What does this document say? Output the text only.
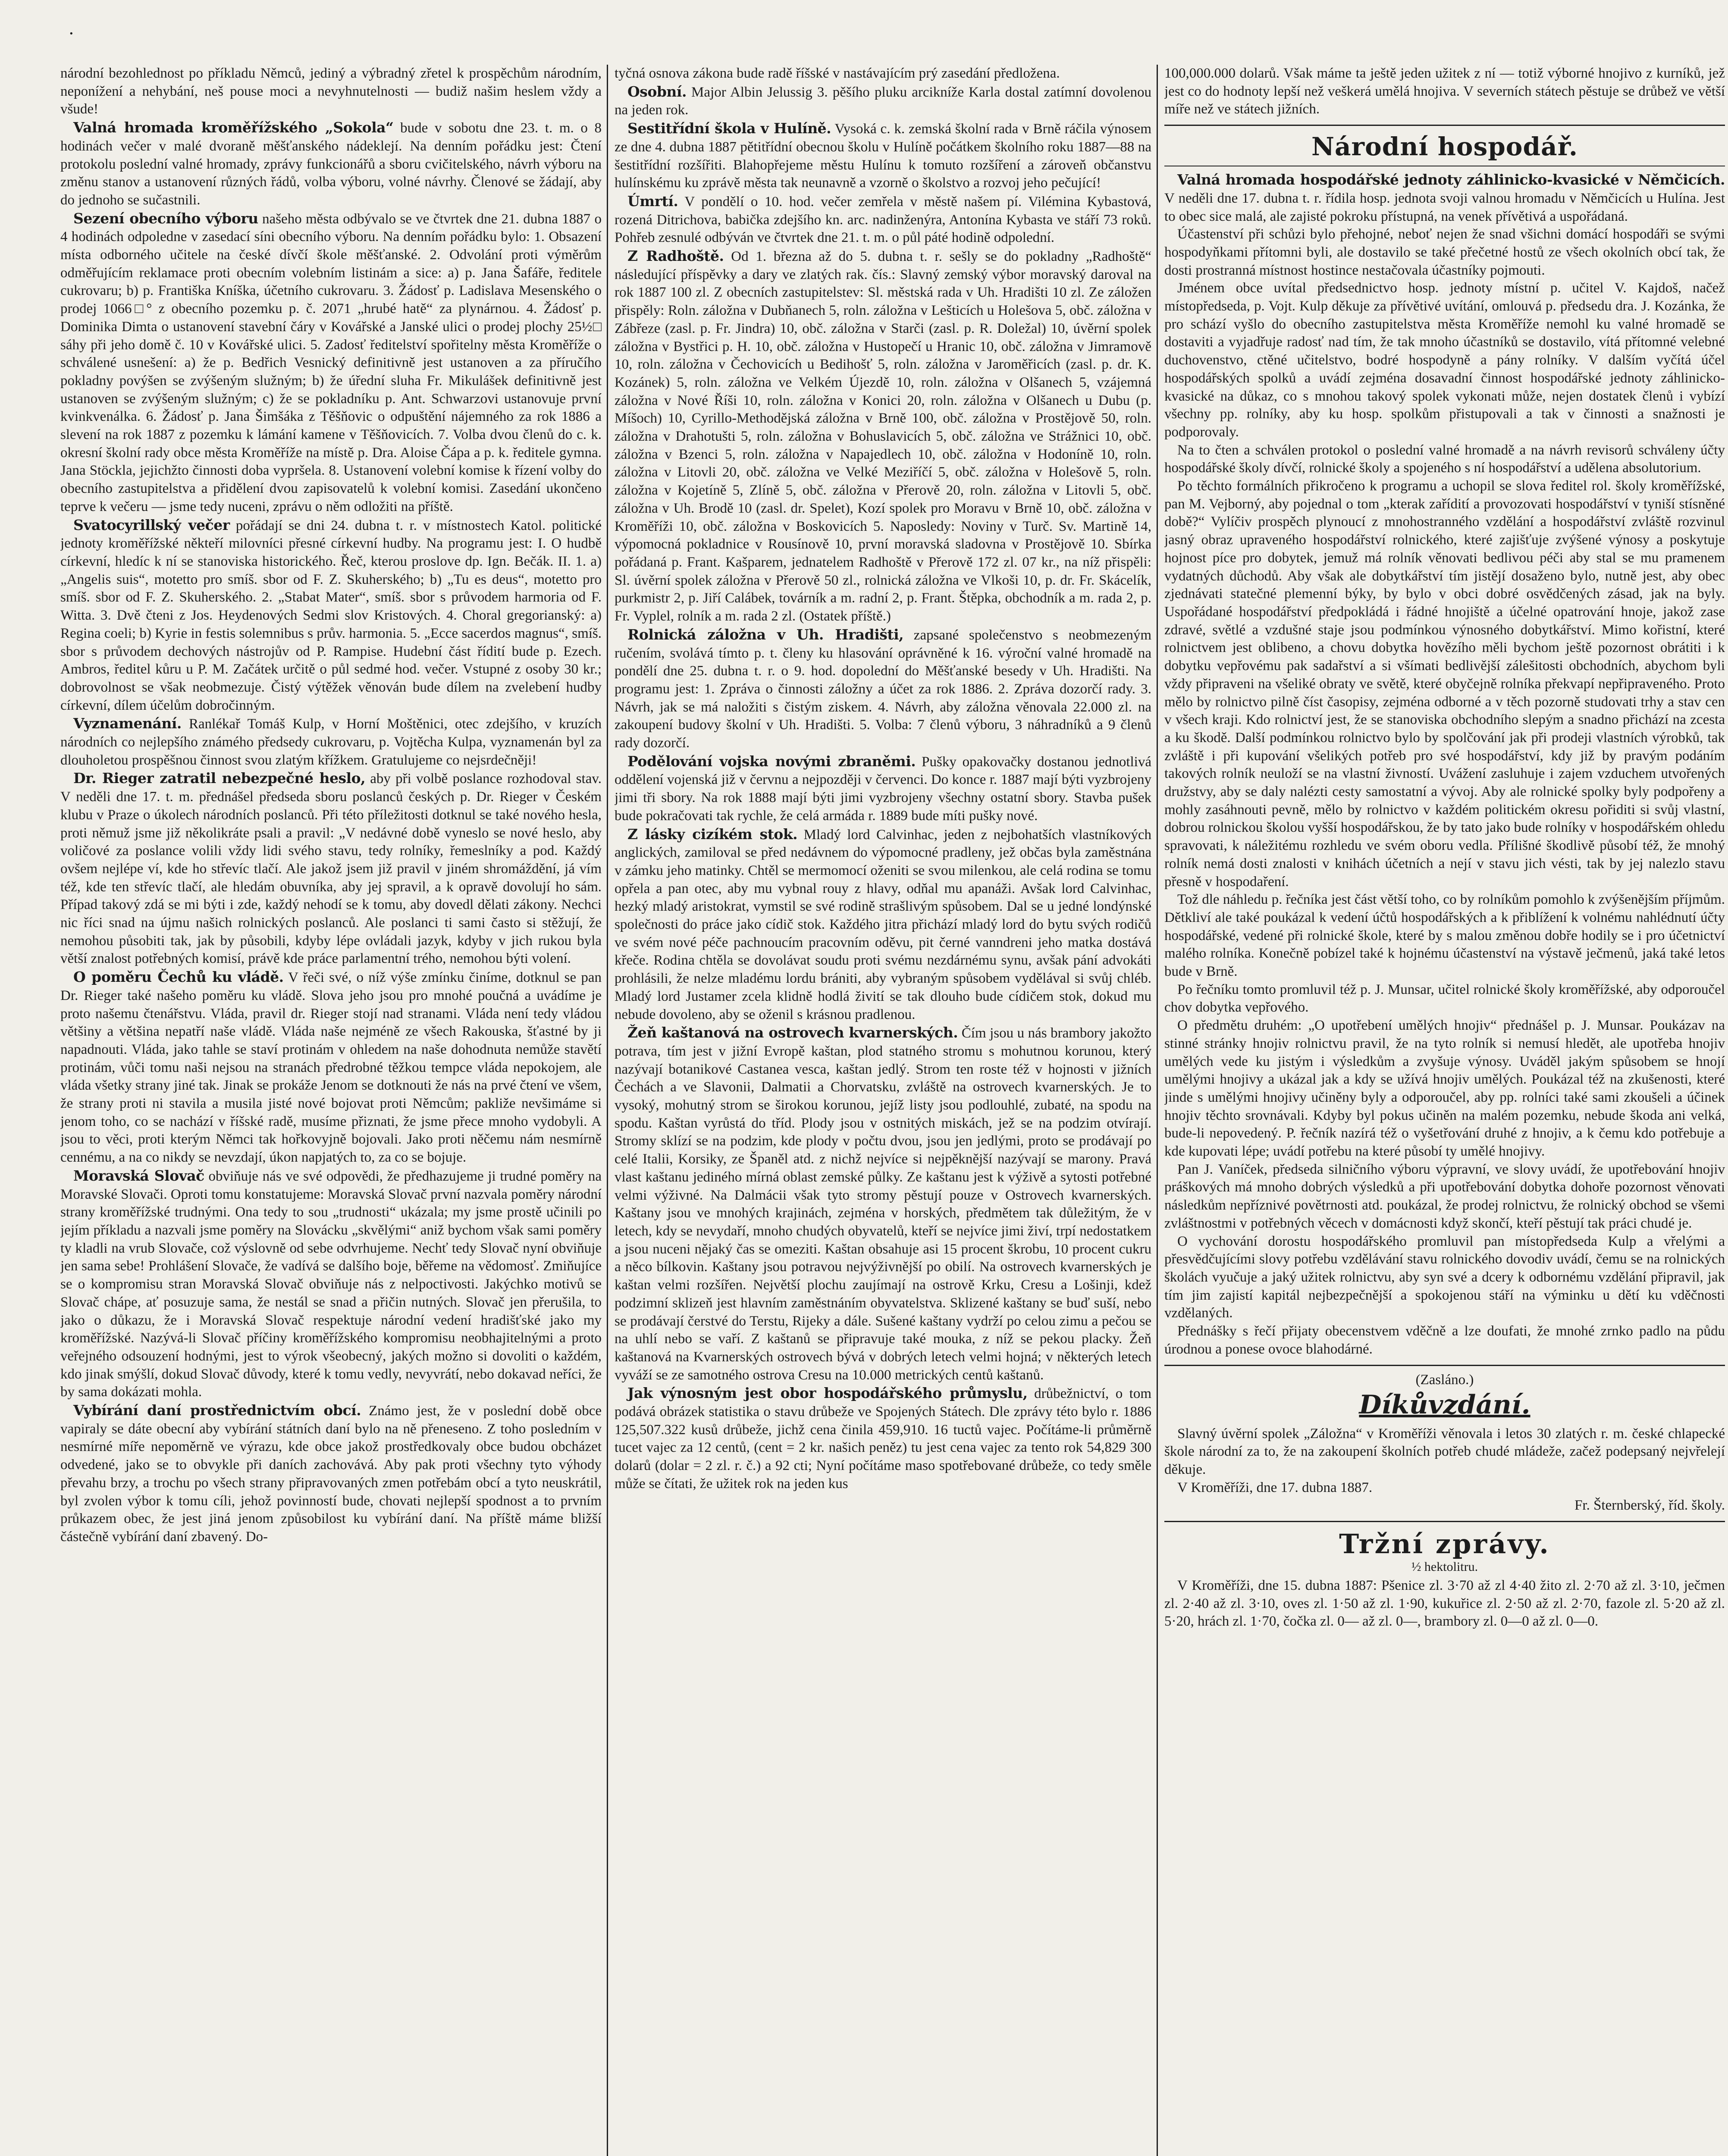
·

národní bezohlednost po příkladu Němců, jediný a výbradný zřetel k prospěchům národním, neponížení a nehybání, neš pouse moci a nevyhnutelnosti — budiž našim heslem vždy a všude!

Valná hromada kroměřížského „Sokola“ bude v sobotu dne 23. t. m. o 8 hodinách večer v malé dvoraně měšťanského nádeklejí. Na denním pořádku jest: Čtení protokolu poslední valné hromady, zprávy funkcionářů a sboru cvičitelského, návrh výboru na změnu stanov a ustanovení různých řádů, volba výboru, volné návrhy. Členové se žádají, aby do jednoho se sučastnili.

Sezení obecního výboru našeho města odbývalo se ve čtvrtek dne 21. dubna 1887 o 4 hodinách odpoledne v zasedací síni obecního výboru. Na denním pořádku bylo: 1. Obsazení místa odborného učitele na české dívčí škole měšťanské. 2. Odvolání proti výměrům odměřujícím reklamace proti obecním volebním listinám a sice: a) p. Jana Šafáře, ředitele cukrovaru; b) p. Františka Kníška, účetního cukrovaru. 3. Žádosť p. Ladislava Mesenského o prodej 1066□° z obecního pozemku p. č. 2071 „hrubé hatě“ za plynárnou. 4. Žádosť p. Dominika Dimta o ustanovení stavební čáry v Kovářské a Janské ulici o prodej plochy 25½□ sáhy při jeho domě č. 10 v Kovářské ulici. 5. Zadosť ředitelství spořitelny města Kroměříže o schválené usnešení: a) že p. Bedřich Vesnický definitivně jest ustanoven a za příručího pokladny povýšen se zvýšeným služným; b) že úřední sluha Fr. Mikulášek definitivně jest ustanoven se zvýšeným služným; c) že se pokladníku p. Ant. Schwarzovi ustanovuje první kvinkvenálka. 6. Žádosť p. Jana Šimšáka z Těšňovic o odpuštění nájemného za rok 1886 a slevení na rok 1887 z pozemku k lámání kamene v Těšňovicích. 7. Volba dvou členů do c. k. okresní školní rady obce města Kroměříže na místě p. Dra. Aloise Čápa a p. k. ředitele gymna. Jana Stöckla, jejichžto činnosti doba vypršela. 8. Ustanovení volební komise k řízení volby do obecního zastupitelstva a přidělení dvou zapisovatelů k volební komisi. Zasedání ukončeno teprve k večeru — jsme tedy nuceni, zprávu o něm odložiti na příště.

Svatocyrillský večer pořádají se dni 24. dubna t. r. v místnostech Katol. politické jednoty kroměřížské někteří milovníci přesné církevní hudby. Na programu jest: I. O hudbě církevní, hledíc k ní se stanoviska historického. Řeč, kterou proslove dp. Ign. Bečák. II. 1. a) „Angelis suis“, motetto pro smíš. sbor od F. Z. Skuherského; b) „Tu es deus“, motetto pro smíš. sbor od F. Z. Skuherského. 2. „Stabat Mater“, smíš. sbor s průvodem harmoria od F. Witta. 3. Dvě čteni z Jos. Heydenových Sedmi slov Kristových. 4. Choral gregorianský: a) Regina coeli; b) Kyrie in festis solemnibus s prův. harmonia. 5. „Ecce sacerdos magnus“, smíš. sbor s průvodem dechových nástrojův od P. Rampise. Hudební část řídití bude p. Ezech. Ambros, ředitel kůru u P. M. Začátek určitě o půl sedmé hod. večer. Vstupné z osoby 30 kr.; dobrovolnost se však neobmezuje. Čistý výtěžek věnován bude dílem na zvelebení hudby církevní, dílem účelům dobročinným.

Vyznamenání. Ranlékař Tomáš Kulp, v Horní Moštěnici, otec zdejšího, v kruzích národních co nejlepšího známého předsedy cukrovaru, p. Vojtěcha Kulpa, vyznamenán byl za dlouholetou prospěšnou činnost svou zlatým křížkem. Gratulujeme co nejsrdečněji!

Dr. Rieger zatratil nebezpečné heslo, aby při volbě poslance rozhodoval stav. V neděli dne 17. t. m. přednášel předseda sboru poslanců českých p. Dr. Rieger v Českém klubu v Praze o úkolech národních poslanců. Při této příležitosti dotknul se také nového hesla, proti němuž jsme již několikráte psali a pravil: „V nedávné době vyneslo se nové heslo, aby voličové za poslance volili vždy lidi svého stavu, tedy rolníky, řemeslníky a pod. Každý ovšem nejlépe ví, kde ho střevíc tlačí. Ale jakož jsem již pravil v jiném shromáždění, já vím též, kde ten střevíc tlačí, ale hledám obuvníka, aby jej spravil, a k opravě dovolují ho sám. Případ takový zdá se mi býti i zde, každý nehodí se k tomu, aby dovedl dělati zákony. Nechci nic říci snad na újmu našich rolnických poslanců. Ale poslanci ti sami často si stěžují, že nemohou působiti tak, jak by působili, kdyby lépe ovládali jazyk, kdyby v jich rukou byla větší znalost potřebných komisí, právě kde práce parlamentní trého, nemohou býti volení.

O poměru Čechů ku vládě. V řeči své, o níž výše zmínku činíme, dotknul se pan Dr. Rieger také našeho poměru ku vládě. Slova jeho jsou pro mnohé poučná a uvádíme je proto našemu čtenářstvu. Vláda, pravil dr. Rieger stojí nad stranami. Vláda není tedy vládou většiny a většina nepatří naše vládě. Vláda naše nejméně ze všech Rakouska, šťastné by ji napadnouti. Vláda, jako tahle se staví protinám v ohledem na naše dohodnuta nemůže stavětí protinám, vůči tomu naši nejsou na stranách předrobné těžkou tempce vláda nepokojem, ale vláda všetky strany jiné tak. Jinak se prokáže Jenom se dotknouti že nás na prvé čtení ve všem, že strany proti ni stavila a musila jisté nové bojovat proti Němcům; pakliže nevšimáme si jenom toho, co se nachází v říšské radě, musíme přiznati, že jsme přece mnoho vydobyli. A jsou to věci, proti kterým Němci tak hořkovyjně bojovali. Jako proti něčemu nám nesmírně cennému, a na co nikdy se nevzdají, úkon napjatých to, za co se bojuje.

Moravská Slovač obviňuje nás ve své odpovědi, že předhazujeme ji trudné poměry na Moravské Slovači. Oproti tomu konstatujeme: Moravská Slovač první nazvala poměry národní strany kroměřížské trudnými. Ona tedy to sou „trudnosti“ ukázala; my jsme prostě učinili po jejím příkladu a nazvali jsme poměry na Slovácku „skvělými“ aniž bychom však sami poměry ty kladli na vrub Slovače, což výslovně od sebe odvrhujeme. Nechť tedy Slovač nyní obviňuje jen sama sebe! Prohlášení Slovače, že vadívá se dalšího boje, běřeme na vědomosť. Zmiňujíce se o kompromisu stran Moravská Slovač obviňuje nás z nelpoctivosti. Jakýchko motivů se Slovač chápe, ať posuzuje sama, že nestál se snad a přičin nutných. Slovač jen přerušila, to jako o důkazu, že i Moravská Slovač respektuje národní vedení hradišťské jako my kroměřížské. Nazývá-li Slovač příčiny kroměřížského kompromisu neobhajitelnými a proto veřejného odsouzení hodnými, jest to výrok všeobecný, jakých možno si dovoliti o každém, kdo jinak smýšlí, dokud Slovač důvody, které k tomu vedly, nevyvrátí, nebo dokavad neříci, že by sama dokázati mohla.

Vybírání daní prostřednictvím obcí. Známo jest, že v poslední době obce vapiraly se dáte obecní aby vybírání státních daní bylo na ně přeneseno. Z toho posledním v nesmírné míře nepoměrně ve výrazu, kde obce jakož prostředkovaly obce budou obcházet odvedené, jako se to obvykle při daních zachovává. Aby pak proti všechny tyto výhody převahu brzy, a trochu po všech strany připravovaných zmen potřebám obcí a tyto neuskrátil, byl zvolen výbor k tomu cíli, jehož povinností bude, chovati nejlepší spodnost a to prvním průkazem obec, že jest jiná jenom způsobilost ku vybírání daní. Na příště máme bližší částečně vybírání daní zbavený. Do-

tyčná osnova zákona bude radě říšské v nastávajícím prý zasedání předložena.

Osobní. Major Albin Jelussig 3. pěšího pluku arcikníže Karla dostal zatímní dovolenou na jeden rok.

Sestitřídní škola v Hulíně. Vysoká c. k. zemská školní rada v Brně ráčila výnosem ze dne 4. dubna 1887 pětitřídní obecnou školu v Hulíně počátkem školního roku 1887—88 na šestitřídní rozšířiti. Blahopřejeme městu Hulínu k tomuto rozšíření a zároveň občanstvu hulínskému ku zprávě města tak neunavně a vzorně o školstvo a rozvoj jeho pečující!

Úmrtí. V pondělí o 10. hod. večer zemřela v městě našem pí. Vilémina Kybastová, rozená Ditrichova, babička zdejšího kn. arc. nadinženýra, Antonína Kybasta ve stáří 73 roků. Pohřeb zesnulé odbýván ve čtvrtek dne 21. t. m. o půl páté hodině odpolední.

Z Radhoště. Od 1. března až do 5. dubna t. r. sešly se do pokladny „Radhoště“ následující příspěvky a dary ve zlatých rak. čís.: Slavný zemský výbor moravský daroval na rok 1887 100 zl. Z obecních zastupitelstev: Sl. městská rada v Uh. Hradišti 10 zl. Ze záložen přispěly: Roln. záložna v Dubňanech 5, roln. záložna v Lešticích u Holešova 5, obč. záložna v Zábřeze (zasl. p. Fr. Jindra) 10, obč. záložna v Starči (zasl. p. R. Doležal) 10, úvěrní spolek záložna v Bystřici p. H. 10, obč. záložna v Hustopečí u Hranic 10, obč. záložna v Jimramově 10, roln. záložna v Čechovicích u Bedihošť 5, roln. záložna v Jaroměřicích (zasl. p. dr. K. Kozánek) 5, roln. záložna ve Velkém Újezdě 10, roln. záložna v Olšanech 5, vzájemná záložna v Nové Říši 10, roln. záložna v Konici 20, roln. záložna v Olšanech u Dubu (p. Míšoch) 10, Cyrillo-Methodějská záložna v Brně 100, obč. záložna v Prostějově 50, roln. záložna v Drahotušti 5, roln. záložna v Bohuslavicích 5, obč. záložna ve Strážnici 10, obč. záložna v Bzenci 5, roln. záložna v Napajedlech 10, obč. záložna v Hodoníně 10, roln. záložna v Litovli 20, obč. záložna ve Velké Meziříčí 5, obč. záložna v Holešově 5, roln. záložna v Kojetíně 5, Zlíně 5, obč. záložna v Přerově 20, roln. záložna v Litovli 5, obč. záložna v Uh. Brodě 10 (zasl. dr. Spelet), Kozí spolek pro Moravu v Brně 10, obč. záložna v Kroměříži 10, obč. záložna v Boskovicích 5. Naposledy: Noviny v Turč. Sv. Martině 14, výpomocná pokladnice v Rousínově 10, první moravská sladovna v Prostějově 10. Sbírka pořádaná p. Frant. Kašparem, jednatelem Radhoště v Přerově 172 zl. 07 kr., na níž přispěli: Sl. úvěrní spolek záložna v Přerově 50 zl., rolnická záložna ve Vlkoši 10, p. dr. Fr. Skácelík, purkmistr 2, p. Jiří Calábek, továrník a m. radní 2, p. Frant. Štěpka, obchodník a m. rada 2, p. Fr. Vyplel, rolník a m. rada 2 zl. (Ostatek příště.)

Rolnická záložna v Uh. Hradišti, zapsané společenstvo s neobmezeným ručením, svolává tímto p. t. členy ku hlasování oprávněné k 16. výroční valné hromadě na pondělí dne 25. dubna t. r. o 9. hod. dopolední do Měšťanské besedy v Uh. Hradišti. Na programu jest: 1. Zpráva o činnosti záložny a účet za rok 1886. 2. Zpráva dozorčí rady. 3. Návrh, jak se má naložiti s čistým ziskem. 4. Návrh, aby záložna věnovala 22.000 zl. na zakoupení budovy školní v Uh. Hradišti. 5. Volba: 7 členů výboru, 3 náhradníků a 9 členů rady dozorčí.

Podělování vojska novými zbraněmi. Pušky opakovačky dostanou jednotlivá oddělení vojenská již v červnu a nejpozději v červenci. Do konce r. 1887 mají býti vyzbrojeny jimi tři sbory. Na rok 1888 mají býti jimi vyzbrojeny všechny ostatní sbory. Stavba pušek bude pokračovati tak rychle, že celá armáda r. 1889 bude míti pušky nové.

Z lásky cizíkém stok. Mladý lord Calvinhac, jeden z nejbohatších vlastníkových anglických, zamiloval se před nedávnem do výpomocné pradleny, jež občas byla zaměstnána v zámku jeho matinky. Chtěl se mermomocí oženiti se svou milenkou, ale celá rodina se tomu opřela a pan otec, aby mu vybnal rouy z hlavy, odňal mu apanáži. Avšak lord Calvinhac, hezký mladý aristokrat, vymstil se své rodině strašlivým spůsobem. Dal se u jedné londýnské společnosti do práce jako cídič stok. Každého jitra přichází mladý lord do bytu svých rodičů ve svém nové péče pachnoucím pracovním oděvu, pit černé vanndreni jeho matka dostává křeče. Rodina chtěla se dovolávat soudu proti svému nezdárnému synu, avšak pání advokáti prohlásili, že nelze mladému lordu brániti, aby vybraným spůsobem vydělával si svůj chléb. Mladý lord Justamer zcela klidně hodlá živití se tak dlouho bude cídičem stok, dokud mu nebude dovoleno, aby se oženil s krásnou pradlenou.

Žeň kaštanová na ostrovech kvarnerských. Čím jsou u nás brambory jakožto potrava, tím jest v jižní Evropě kaštan, plod statného stromu s mohutnou korunou, který nazývají botanikové Castanea vesca, kaštan jedlý. Strom ten roste též v hojnosti v jižních Čechách a ve Slavonii, Dalmatii a Chorvatsku, zvláště na ostrovech kvarnerských. Je to vysoký, mohutný strom se širokou korunou, jejíž listy jsou podlouhlé, zubaté, na spodu na spodu. Kaštan vyrůstá do tříd. Plody jsou v ostnitých miskách, jež se na podzim otvírají. Stromy sklízí se na podzim, kde plody v počtu dvou, jsou jen jedlými, proto se prodávají po celé Italii, Korsiky, ze Španěl atd. z nichž nejvíce si nejpěknější nazývají se marony. Pravá vlast kaštanu jediného mírná oblast zemské půlky. Ze kaštanu jest k výživě a sytosti potřebné velmi výživné. Na Dalmácii však tyto stromy pěstují pouze v Ostrovech kvarnerských. Kaštany jsou ve mnohých krajinách, zejména v horských, předmětem tak důležitým, že v letech, kdy se nevydaří, mnoho chudých obyvatelů, kteří se nejvíce jimi živí, trpí nedostatkem a jsou nuceni nějaký čas se omeziti. Kaštan obsahuje asi 15 procent škrobu, 10 procent cukru a něco bílkovin. Kaštany jsou potravou nejvýživnější po obilí. Na ostrovech kvarnerských je kaštan velmi rozšířen. Největší plochu zaujímají na ostrově Krku, Cresu a Lošinji, kdež podzimní sklizeň jest hlavním zaměstnáním obyvatelstva. Sklizené kaštany se buď suší, nebo se prodávají čerstvé do Terstu, Rijeky a dále. Sušené kaštany vydrží po celou zimu a pečou se na uhlí nebo se vaří. Z kaštanů se připravuje také mouka, z níž se pekou placky. Žeň kaštanová na Kvarnerských ostrovech bývá v dobrých letech velmi hojná; v některých letech vyváží se ze samotného ostrova Cresu na 10.000 metrických centů kaštanů.

Jak výnosným jest obor hospodářského průmyslu, drůbežnictví, o tom podává obrázek statistika o stavu drůbeže ve Spojených Státech. Dle zprávy této bylo r. 1886 125,507.322 kusů drůbeže, jichž cena činila 459,910. 16 tuctů vajec. Počítáme-li průměrně tucet vajec za 12 centů, (cent = 2 kr. našich peněz) tu jest cena vajec za tento rok 54,829 300 dolarů (dolar = 2 zl. r. č.) a 92 cti; Nyní počítáme maso spotřebované drůbeže, co tedy směle může se čítati, že užitek rok na jeden kus

100,000.000 dolarů. Však máme ta ještě jeden užitek z ní — totiž výborné hnojivo z kurníků, jež jest co do hodnoty lepší než veškerá umělá hnojiva. V severních státech pěstuje se drůbež ve větší míře než ve státech jižních.

Národní hospodář.

Valná hromada hospodářské jednoty záhlinicko-kvasické v Němčicích. V neděli dne 17. dubna t. r. řídila hosp. jednota svoji valnou hromadu v Němčicích u Hulína. Jest to obec sice malá, ale zajisté pokroku přístupná, na venek přívětivá a uspořádaná.

Účastenství při schůzi bylo přehojné, neboť nejen že snad všichni domácí hospodáři se svými hospodyňkami přítomni byli, ale dostavilo se také přečetné hostů ze všech okolních obcí tak, že dosti prostranná místnost hostince nestačovala účastníky pojmouti.

Jménem obce uvítal předsednictvo hosp. jednoty místní p. učitel V. Kajdoš, načež místopředseda, p. Vojt. Kulp děkuje za přívětivé uvítání, omlouvá p. předsedu dra. J. Kozánka, že pro schází vyšlo do obecního zastupitelstva města Kroměříže nemohl ku valné hromadě se dostaviti a vyjadřuje radosť nad tím, že tak mnoho účastníků se dostavilo, vítá přítomné velebné duchovenstvo, ctěné učitelstvo, bodré hospodyně a pány rolníky. V dalším vyčítá účel hospodářských spolků a uvádí zejména dosavadní činnost hospodářské jednoty záhlinicko-kvasické na důkaz, co s mnohou takový spolek vykonati může, nejen dostatek členů i vybízí všechny pp. rolníky, aby ku hosp. spolkům přistupovali a tak v činnosti a snažnosti je podporovaly.

Na to čten a schválen protokol o poslední valné hromadě a na návrh revisorů schváleny účty hospodářské školy dívčí, rolnické školy a spojeného s ní hospodářství a udělena absolutorium.

Po těchto formálních přikročeno k programu a uchopil se slova ředitel rol. školy kroměřížské, pan M. Vejborný, aby pojednal o tom „kterak zařídití a provozovati hospodářství v tyniší stísněné době?“ Vylíčiv prospěch plynoucí z mnohostranného vzdělání a hospodářství zvláště rozvinul jasný obraz upraveného hospodářství rolnického, které zajišťuje zvýšené výnosy a poskytuje hojnost píce pro dobytek, jemuž má rolník věnovati bedlivou péči aby stal se mu pramenem vydatných důchodů. Aby však ale dobytkářství tím jistějí dosaženo bylo, nutně jest, aby obec zjednávati statečné plemenní býky, by bylo v obci dobré osvědčených zásad, jak na byly. Uspořádané hospodářství předpokládá i řádné hnojiště a účelné opatrování hnoje, jakož zase zdravé, světlé a vzdušné staje jsou podmínkou výnosného dobytkářství. Mimo kořistní, které rolnictvem jest oblibeno, a chovu dobytka hovězího měli bychom ještě pozornost obrátiti i k dobytku vepřovému pak sadařství a si všímati bedlivější zálešitosti obchodních, abychom byli vždy připraveni na všeliké obraty ve světě, které obyčejně rolníka překvapí nepřipraveného. Proto mělo by rolnictvo pilně číst časopisy, zejména odborné a v těch pozorně studovati trhy a stav cen v všech kraji. Kdo rolnictví jest, že se stanoviska obchodního slepým a snadno přichází na zcesta a ku škodě. Další podmínkou rolnictvo bylo by spolčování jak při prodeji vlastních výrobků, tak zvláště i při kupování všelikých potřeb pro své hospodářství, kdy již by pravým podáním takových rolník neuloží se na vlastní živností. Uvážení zasluhuje i zajem vzduchem utvořených družstvy, aby se daly nalézti cesty samostatní a vývoj. Aby ale rolnické spolky byly podpořeny a mohly zasáhnouti pevně, mělo by rolnictvo v každém politickém okresu pořiditi si svůj vlastní, dobrou rolnickou školou vyšší hospodářskou, že by tato jako bude rolníky v hospodářském ohledu spravovati, k náležitému rozhledu ve svém oboru vedla. Přílišné škodlivě působí též, že mnohý rolník nemá dosti znalosti v knihách účetních a nejí v stavu jich vésti, tak by jej nalezlo stavu přesně v hospodaření.

Tož dle náhledu p. řečníka jest část větší toho, co by rolníkům pomohlo k zvýšenějším příjmům. Dětkliví ale také poukázal k vedení účtů hospodářských a k přiblížení k volnému nahlédnutí účty hospodářské, vedené při rolnické škole, které by s malou změnou dobře hodily se i pro účetnictví malého rolníka. Konečně pobízel také k hojnému účastenství na výstavě ječmenů, jaká také letos bude v Brně.

Po řečníku tomto promluvil též p. J. Munsar, učitel rolnické školy kroměřížské, aby odporoučel chov dobytka vepřového.

O předmětu druhém: „O upotřebení umělých hnojiv“ přednášel p. J. Munsar. Poukázav na stinné stránky hnojiv rolnictvu pravil, že na tyto rolník si nemusí hledět, ale upotřeba hnojiv umělých vede ku jistým i výsledkům a zvyšuje výnosy. Uváděl jakým spůsobem se hnojí umělými hnojivy a ukázal jak a kdy se užívá hnojiv umělých. Poukázal též na zkušenosti, které jinde s umělými hnojivy učiněny byly a odporoučel, aby pp. rolníci také sami zkoušeli a účinek hnojiv těchto srovnávali. Kdyby byl pokus učiněn na malém pozemku, nebude škoda ani velká, bude-li nepovedený. P. řečník nazírá též o vyšetřování druhé z hnojiv, a k čemu kdo potřebuje a kde kupovati lépe; uvádí potřebu na které působí ty umělé hnojivy.

Pan J. Vaníček, předseda silničního výboru výpravní, ve slovy uvádí, že upotřebování hnojiv práškových má mnoho dobrých výsledků a při upotřebování dobytka dohoře pozornost věnovati následkům nepříznivé povětrnosti atd. poukázal, že prodej rolnictvu, že rolnický obchod se všemi zvláštnostmi v potřebných věcech v domácnosti když skončí, kteří pěstují tak práci chudé je.

O vychování dorostu hospodářského promluvil pan místopředseda Kulp a vřelými a přesvědčujícími slovy potřebu vzdělávání stavu rolnického dovodiv uvádí, čemu se na rolnických školách vyučuje a jaký užitek rolnictvu, aby syn své a dcery k odbornému vzdělání připravil, jak tím jim zajistí kapitál nejbezpečnější a spokojenou stáří na výminku u dětí ku vděčnosti vzdělaných.

Přednášky s řečí přijaty obecenstvem vděčně a lze doufati, že mnohé zrnko padlo na půdu úrodnou a ponese ovoce blahodárné.

(Zasláno.)
Díkůvzdání.

Slavný úvěrní spolek „Záložna“ v Kroměříži věnovala i letos 30 zlatých r. m. české chlapecké škole národní za to, že na zakoupení školních potřeb chudé mládeže, začež podepsaný nejvřelejí děkuje.

V Kroměříži, dne 17. dubna 1887.

Fr. Šternberský, říd. školy.

Tržní zprávy.
½ hektolitru.

V Kroměříži, dne 15. dubna 1887: Pšenice zl. 3·70 až zl 4·40 žito zl. 2·70 až zl. 3·10, ječmen zl. 2·40 až zl. 3·10, oves zl. 1·50 až zl. 1·90, kukuřice zl. 2·50 až zl. 2·70, fazole zl. 5·20 až zl. 5·20, hrách zl. 1·70, čočka zl. 0— až zl. 0—, brambory zl. 0—0 až zl. 0—0.
